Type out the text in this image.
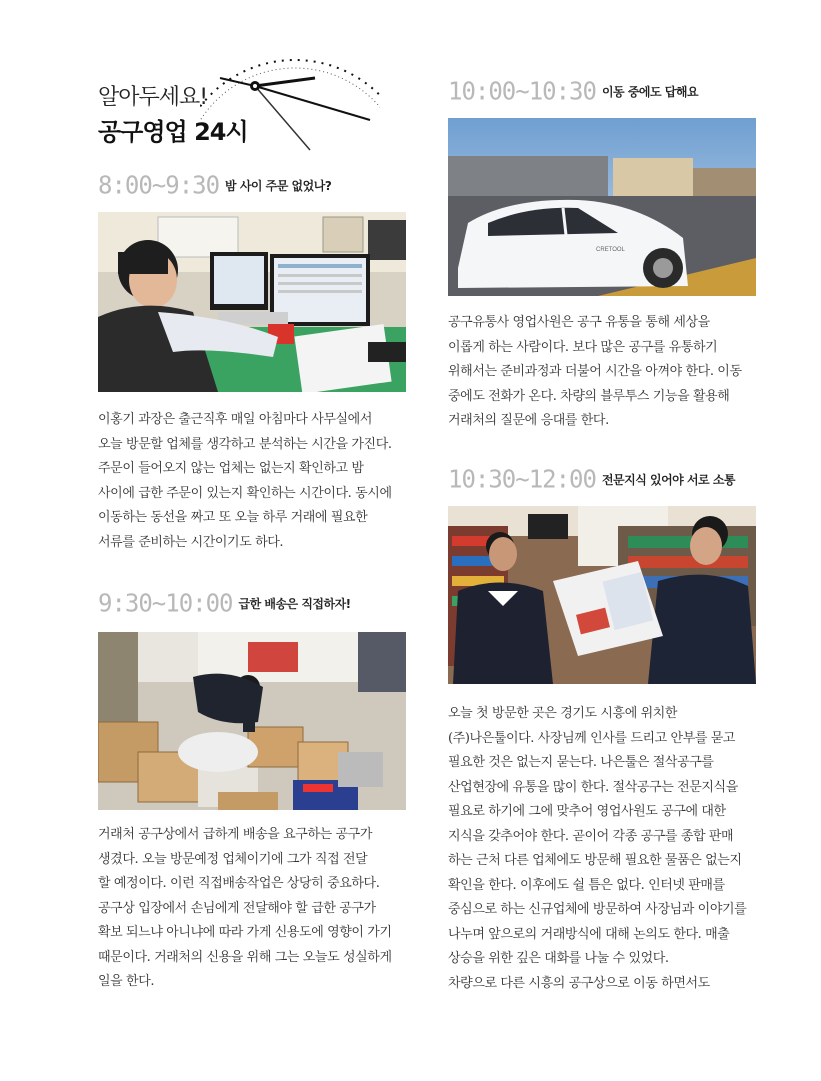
알아두세요!
공구영업 24시
8:00~9:30 밤 사이 주문 없었나?
이홍기 과장은 출근직후 매일 아침마다 사무실에서
오늘 방문할 업체를 생각하고 분석하는 시간을 가진다.
주문이 들어오지 않는 업체는 없는지 확인하고 밤
사이에 급한 주문이 있는지 확인하는 시간이다. 동시에
이동하는 동선을 짜고 또 오늘 하루 거래에 필요한
서류를 준비하는 시간이기도 하다.
9:30~10:00 급한 배송은 직접하자!
거래처 공구상에서 급하게 배송을 요구하는 공구가
생겼다. 오늘 방문예정 업체이기에 그가 직접 전달
할 예정이다. 이런 직접배송작업은 상당히 중요하다.
공구상 입장에서 손님에게 전달해야 할 급한 공구가
확보 되느냐 아니냐에 따라 가게 신용도에 영향이 가기
때문이다. 거래처의 신용을 위해 그는 오늘도 성실하게
일을 한다.
10:00~10:30 이동 중에도 답해요
CRETOOL
공구유통사 영업사원은 공구 유통을 통해 세상을
이롭게 하는 사람이다. 보다 많은 공구를 유통하기
위해서는 준비과정과 더불어 시간을 아껴야 한다. 이동
중에도 전화가 온다. 차량의 블루투스 기능을 활용해
거래처의 질문에 응대를 한다.
10:30~12:00 전문지식 있어야 서로 소통
오늘 첫 방문한 곳은 경기도 시흥에 위치한
(주)나은툴이다. 사장님께 인사를 드리고 안부를 묻고
필요한 것은 없는지 묻는다. 나은툴은 절삭공구를
산업현장에 유통을 많이 한다. 절삭공구는 전문지식을
필요로 하기에 그에 맞추어 영업사원도 공구에 대한
지식을 갖추어야 한다. 곧이어 각종 공구를 종합 판매
하는 근처 다른 업체에도 방문해 필요한 물품은 없는지
확인을 한다. 이후에도 쉴 틈은 없다. 인터넷 판매를
중심으로 하는 신규업체에 방문하여 사장님과 이야기를
나누며 앞으로의 거래방식에 대해 논의도 한다. 매출
상승을 위한 깊은 대화를 나눌 수 있었다.
차량으로 다른 시흥의 공구상으로 이동 하면서도
